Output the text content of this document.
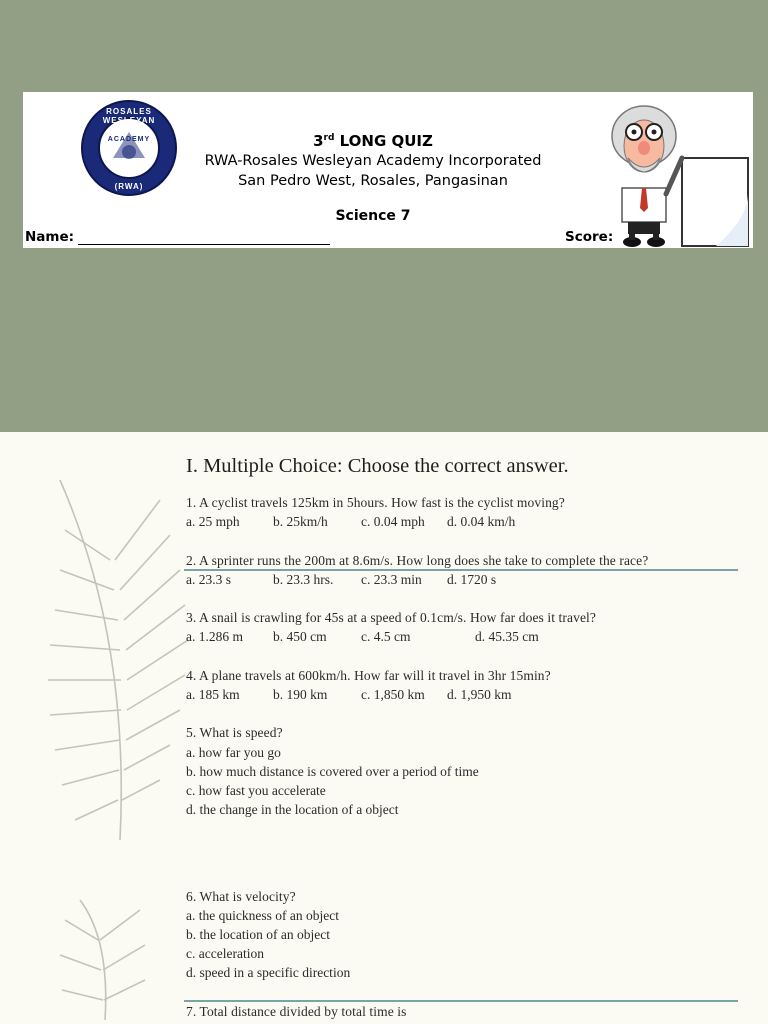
ROSALES WESLEYAN
ACADEMY
(RWA)
3rd LONG QUIZ
RWA-Rosales Wesleyan Academy Incorporated
San Pedro West, Rosales, Pangasinan
Science 7
Name:	Score:
I. Multiple Choice: Choose the correct answer.
1. A cyclist travels 125km in 5hours. How fast is the cyclist moving?
a. 25 mph b. 25km/h c. 0.04 mph d. 0.04 km/h
2. A sprinter runs the 200m at 8.6m/s. How long does she take to complete the race?
a. 23.3 s	b. 23.3 hrs. c. 23.3 min d. 1720 s
3. A snail is crawling for 45s at a speed of 0.1cm/s. How far does it travel?
a. 1.286 m b. 450 cm	c. 4.5 cm	d. 45.35 cm
4. A plane travels at 600km/h. How far will it travel in 3hr 15min?
a. 185 km b. 190 km c. 1,850 km d. 1,950 km
5. What is speed?
a. how far you go
b. how much distance is covered over a period of time
c. how fast you accelerate
d. the change in the location of a object
6. What is velocity?
a. the quickness of an object
b. the location of an object
c. acceleration
d. speed in a specific direction
7. Total distance divided by total time is
